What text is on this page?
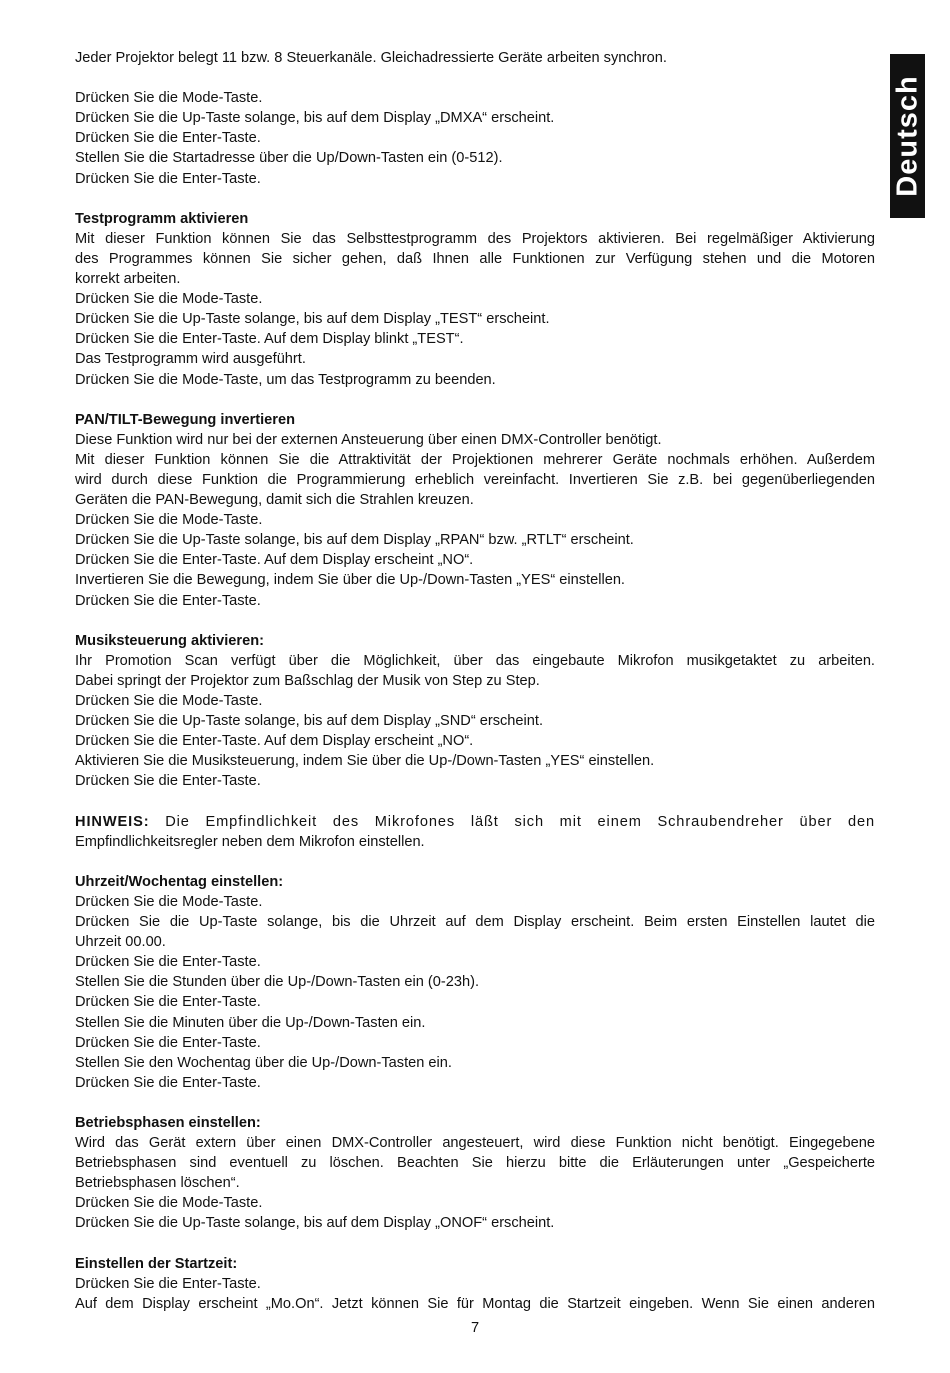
Deutsch
Jeder Projektor belegt 11 bzw. 8 Steuerkanäle. Gleichadressierte Geräte arbeiten synchron.
Drücken Sie die Mode-Taste.
Drücken Sie die Up-Taste solange, bis auf dem Display „DMXA“ erscheint.
Drücken Sie die Enter-Taste.
Stellen Sie die Startadresse über die Up/Down-Tasten ein (0-512).
Drücken Sie die Enter-Taste.
Testprogramm aktivieren
Mit dieser Funktion können Sie das Selbsttestprogramm des Projektors aktivieren. Bei regelmäßiger Aktivierung
des Programmes können Sie sicher gehen, daß Ihnen alle Funktionen zur Verfügung stehen und die Motoren
korrekt arbeiten.
Drücken Sie die Mode-Taste.
Drücken Sie die Up-Taste solange, bis auf dem Display „TEST“ erscheint.
Drücken Sie die Enter-Taste. Auf dem Display blinkt „TEST“.
Das Testprogramm wird ausgeführt.
Drücken Sie die Mode-Taste, um das Testprogramm zu beenden.
PAN/TILT-Bewegung invertieren
Diese Funktion wird nur bei der externen Ansteuerung über einen DMX-Controller benötigt.
Mit dieser Funktion können Sie die Attraktivität der Projektionen mehrerer Geräte nochmals erhöhen. Außerdem
wird durch diese Funktion die Programmierung erheblich vereinfacht. Invertieren Sie z.B. bei gegenüberliegenden
Geräten die PAN-Bewegung, damit sich die Strahlen kreuzen.
Drücken Sie die Mode-Taste.
Drücken Sie die Up-Taste solange, bis auf dem Display „RPAN“ bzw. „RTLT“ erscheint.
Drücken Sie die Enter-Taste. Auf dem Display erscheint „NO“.
Invertieren Sie die Bewegung, indem Sie über die Up-/Down-Tasten „YES“ einstellen.
Drücken Sie die Enter-Taste.
Musiksteuerung aktivieren:
Ihr Promotion Scan verfügt über die Möglichkeit, über das eingebaute Mikrofon musikgetaktet zu arbeiten.
Dabei springt der Projektor zum Baßschlag der Musik von Step zu Step.
Drücken Sie die Mode-Taste.
Drücken Sie die Up-Taste solange, bis auf dem Display „SND“ erscheint.
Drücken Sie die Enter-Taste. Auf dem Display erscheint „NO“.
Aktivieren Sie die Musiksteuerung, indem Sie über die Up-/Down-Tasten „YES“ einstellen.
Drücken Sie die Enter-Taste.
HINWEIS: Die Empfindlichkeit des Mikrofones läßt sich mit einem Schraubendreher über den
Empfindlichkeitsregler neben dem Mikrofon einstellen.
Uhrzeit/Wochentag einstellen:
Drücken Sie die Mode-Taste.
Drücken Sie die Up-Taste solange, bis die Uhrzeit auf dem Display erscheint. Beim ersten Einstellen lautet die
Uhrzeit 00.00.
Drücken Sie die Enter-Taste.
Stellen Sie die Stunden über die Up-/Down-Tasten ein (0-23h).
Drücken Sie die Enter-Taste.
Stellen Sie die Minuten über die Up-/Down-Tasten ein.
Drücken Sie die Enter-Taste.
Stellen Sie den Wochentag über die Up-/Down-Tasten ein.
Drücken Sie die Enter-Taste.
Betriebsphasen einstellen:
Wird das Gerät extern über einen DMX-Controller angesteuert, wird diese Funktion nicht benötigt. Eingegebene
Betriebsphasen sind eventuell zu löschen. Beachten Sie hierzu bitte die Erläuterungen unter „Gespeicherte
Betriebsphasen löschen“.
Drücken Sie die Mode-Taste.
Drücken Sie die Up-Taste solange, bis auf dem Display „ONOF“ erscheint.
Einstellen der Startzeit:
Drücken Sie die Enter-Taste.
Auf dem Display erscheint „Mo.On“. Jetzt können Sie für Montag die Startzeit eingeben. Wenn Sie einen anderen
7
